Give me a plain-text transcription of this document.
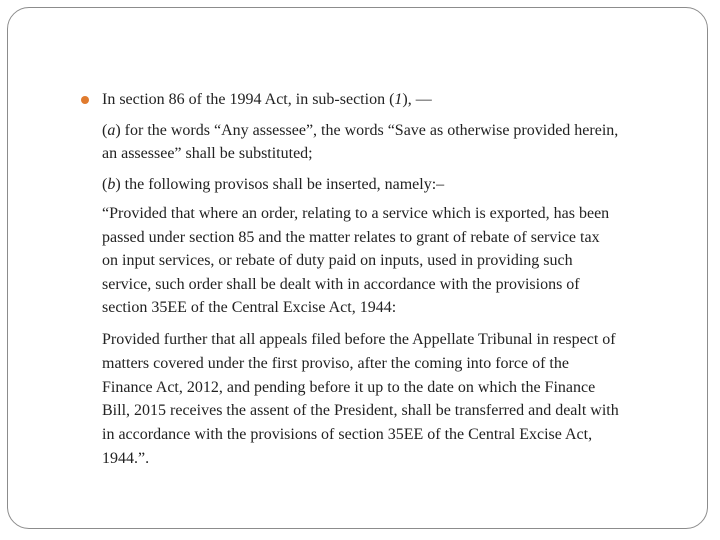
In section 86 of the 1994 Act, in sub-section (1), —
(a) for the words “Any assessee”, the words “Save as otherwise provided herein,
an assessee” shall be substituted;
(b) the following provisos shall be inserted, namely:–
“Provided that where an order, relating to a service which is exported, has been
passed under section 85 and the matter relates to grant of rebate of service tax
on input services, or rebate of duty paid on inputs, used in providing such
service, such order shall be dealt with in accordance with the provisions of
section 35EE of the Central Excise Act, 1944:
Provided further that all appeals filed before the Appellate Tribunal in respect of
matters covered under the first proviso, after the coming into force of the
Finance Act, 2012, and pending before it up to the date on which the Finance
Bill, 2015 receives the assent of the President, shall be transferred and dealt with
in accordance with the provisions of section 35EE of the Central Excise Act,
1944.”.
